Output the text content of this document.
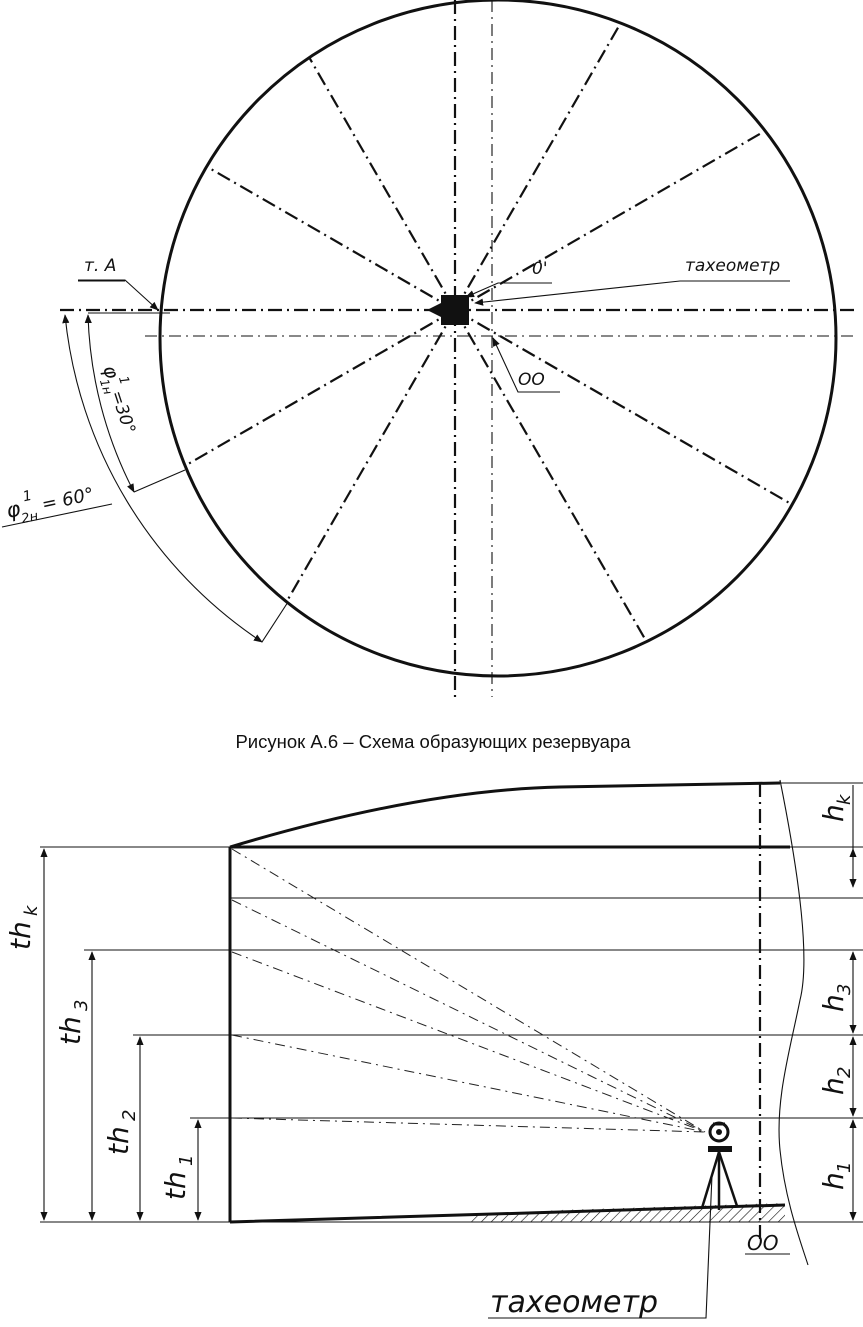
т. А	0'	тахеометр
ОО
φ
1н 1
=30°
φ
2н
1 = 60°
Рисунок А.6 – Схема образующих резервуара
тахеометр
ОО
th
k
th
3
th
2
th
1
h
k
h
3
h
2
h
1
